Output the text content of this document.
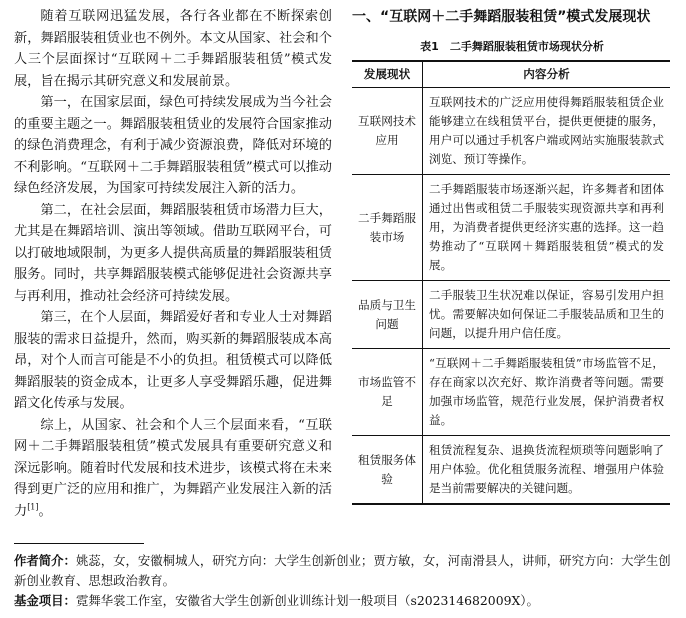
随着互联网迅猛发展，各行各业都在不断探索创新，舞蹈服装租赁业也不例外。本文从国家、社会和个人三个层面探讨“互联网＋二手舞蹈服装租赁”模式发展，旨在揭示其研究意义和发展前景。

第一，在国家层面，绿色可持续发展成为当今社会的重要主题之一。舞蹈服装租赁业的发展符合国家推动的绿色消费理念，有利于减少资源浪费，降低对环境的不利影响。“互联网＋二手舞蹈服装租赁”模式可以推动绿色经济发展，为国家可持续发展注入新的活力。

第二，在社会层面，舞蹈服装租赁市场潜力巨大，尤其是在舞蹈培训、演出等领域。借助互联网平台，可以打破地域限制，为更多人提供高质量的舞蹈服装租赁服务。同时，共享舞蹈服装模式能够促进社会资源共享与再利用，推动社会经济可持续发展。

第三，在个人层面，舞蹈爱好者和专业人士对舞蹈服装的需求日益提升，然而，购买新的舞蹈服装成本高昂，对个人而言可能是不小的负担。租赁模式可以降低舞蹈服装的资金成本，让更多人享受舞蹈乐趣，促进舞蹈文化传承与发展。

综上，从国家、社会和个人三个层面来看，“互联网＋二手舞蹈服装租赁”模式发展具有重要研究意义和深远影响。随着时代发展和技术进步，该模式将在未来得到更广泛的应用和推广，为舞蹈产业发展注入新的活力[1]。

一、“互联网＋二手舞蹈服装租赁”模式发展现状
表1　二手舞蹈服装租赁市场现状分析
发展现状	内容分析
互联网技术应用	互联网技术的广泛应用使得舞蹈服装租赁企业能够建立在线租赁平台，提供更便捷的服务，用户可以通过手机客户端或网站实施服装款式浏览、预订等操作。
二手舞蹈服装市场	二手舞蹈服装市场逐渐兴起，许多舞者和团体通过出售或租赁二手服装实现资源共享和再利用，为消费者提供更经济实惠的选择。这一趋势推动了“互联网＋舞蹈服装租赁”模式的发展。
品质与卫生问题	二手服装卫生状况难以保证，容易引发用户担忧。需要解决如何保证二手服装品质和卫生的问题，以提升用户信任度。
市场监管不足	“互联网＋二手舞蹈服装租赁”市场监管不足，存在商家以次充好、欺诈消费者等问题。需要加强市场监管，规范行业发展，保护消费者权益。
租赁服务体验	租赁流程复杂、退换货流程烦琐等问题影响了用户体验。优化租赁服务流程、增强用户体验是当前需要解决的关键问题。
作者简介：姚蕊，女，安徽桐城人，研究方向：大学生创新创业；贾方敏，女，河南滑县人，讲师，研究方向：大学生创新创业教育、思想政治教育。
基金项目：霓舞华裳工作室，安徽省大学生创新创业训练计划一般项目（s202314682009X）。
